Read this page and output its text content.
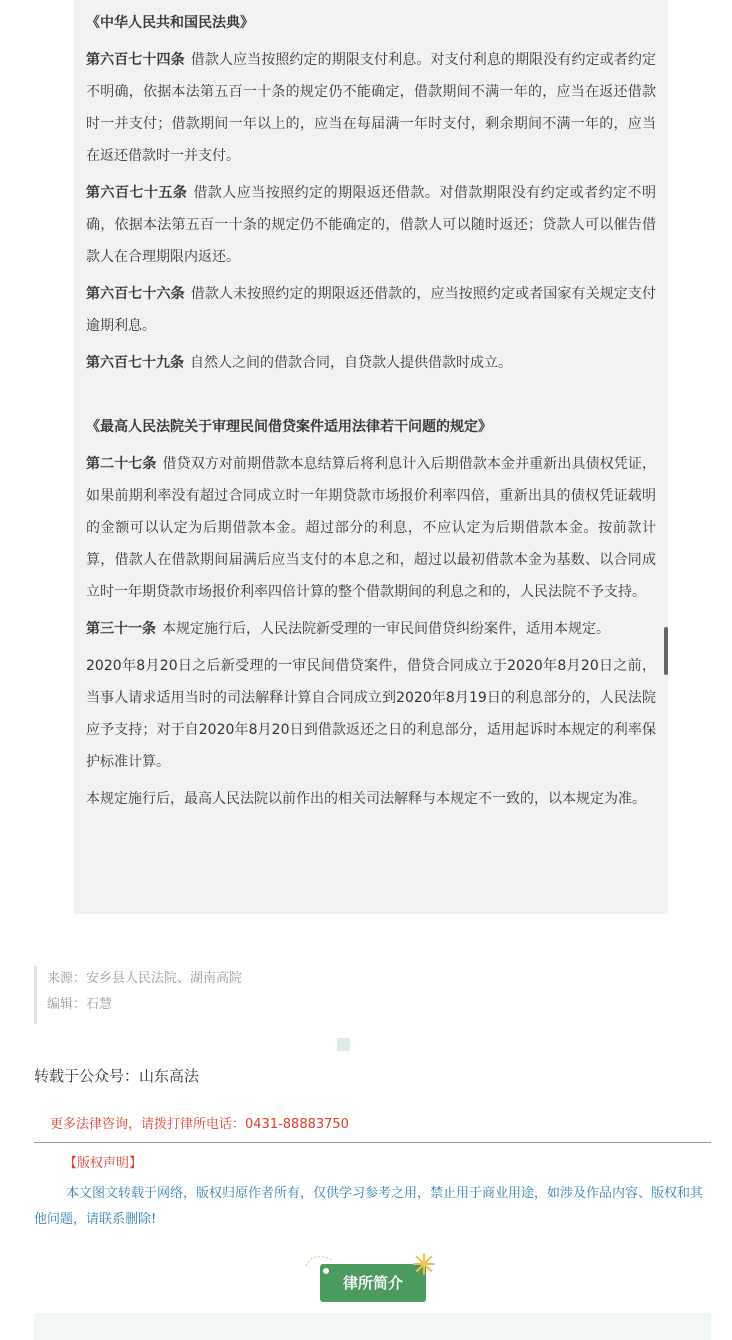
《中华人民共和国民法典》

第六百七十四条 借款人应当按照约定的期限支付利息。对支付利息的期限没有约定或者约定不明确，依据本法第五百一十条的规定仍不能确定，借款期间不满一年的，应当在返还借款时一并支付；借款期间一年以上的，应当在每届满一年时支付，剩余期间不满一年的，应当在返还借款时一并支付。

第六百七十五条 借款人应当按照约定的期限返还借款。对借款期限没有约定或者约定不明确，依据本法第五百一十条的规定仍不能确定的，借款人可以随时返还；贷款人可以催告借款人在合理期限内返还。

第六百七十六条 借款人未按照约定的期限返还借款的，应当按照约定或者国家有关规定支付逾期利息。

第六百七十九条 自然人之间的借款合同，自贷款人提供借款时成立。

《最高人民法院关于审理民间借贷案件适用法律若干问题的规定》

第二十七条 借贷双方对前期借款本息结算后将利息计入后期借款本金并重新出具债权凭证，如果前期利率没有超过合同成立时一年期贷款市场报价利率四倍，重新出具的债权凭证载明的金额可以认定为后期借款本金。超过部分的利息，不应认定为后期借款本金。按前款计算，借款人在借款期间届满后应当支付的本息之和，超过以最初借款本金为基数、以合同成立时一年期贷款市场报价利率四倍计算的整个借款期间的利息之和的，人民法院不予支持。

第三十一条 本规定施行后，人民法院新受理的一审民间借贷纠纷案件，适用本规定。

2020年8月20日之后新受理的一审民间借贷案件，借贷合同成立于2020年8月20日之前，当事人请求适用当时的司法解释计算自合同成立到2020年8月19日的利息部分的，人民法院应予支持；对于自2020年8月20日到借款返还之日的利息部分，适用起诉时本规定的利率保护标准计算。

本规定施行后，最高人民法院以前作出的相关司法解释与本规定不一致的，以本规定为准。

来源：安乡县人民法院、湖南高院

编辑：石慧

转载于公众号：山东高法

更多法律咨询，请拨打律所电话：0431-88883750

【版权声明】

本文图文转载于网络，版权归原作者所有，仅供学习参考之用，禁止用于商业用途，如涉及作品内容、版权和其他问题，请联系删除!

律所简介
